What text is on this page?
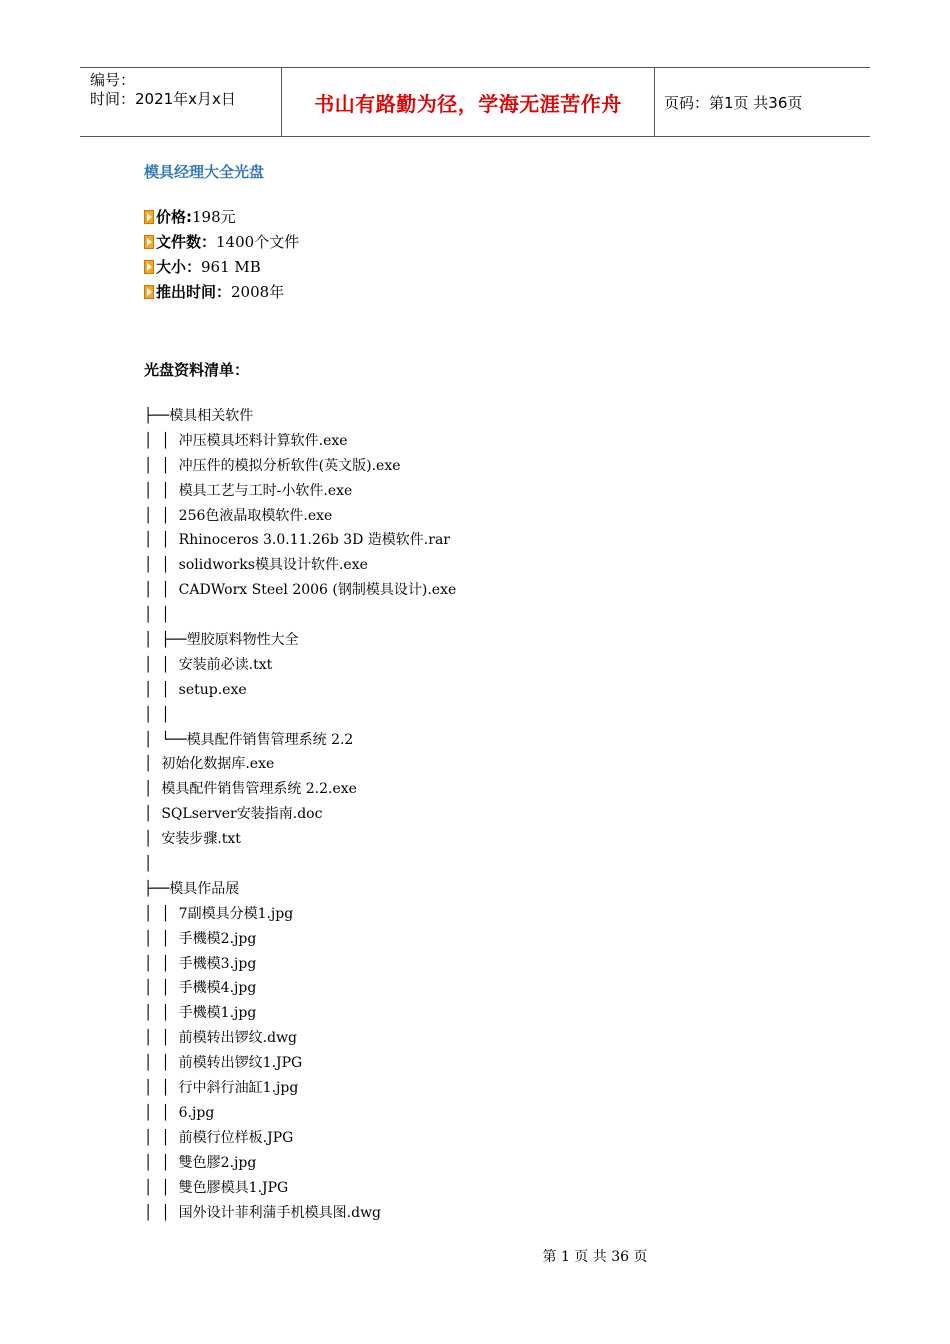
编号：
时间：2021年x月x日	书山有路勤为径，学海无涯苦作舟	页码：第1页 共36页
模具经理大全光盘
价格: 198元
文件数： 1400个文件
大小： 961 MB
推出时间： 2008年
光盘资料清单：
├──模具相关软件
│  │  冲压模具坯料计算软件.exe
│  │  冲压件的模拟分析软件(英文版).exe
│  │  模具工艺与工时-小软件.exe
│  │  256色液晶取模软件.exe
│  │  Rhinoceros 3.0.11.26b 3D 造模软件.rar
│  │  solidworks模具设计软件.exe
│  │  CADWorx Steel 2006 (钢制模具设计).exe
│  │
│  ├──塑胶原料物性大全
│  │  安装前必读.txt
│  │  setup.exe
│  │
│  └──模具配件销售管理系统 2.2
│  初始化数据库.exe
│  模具配件销售管理系统 2.2.exe
│  SQLserver安装指南.doc
│  安装步骤.txt
│
├──模具作品展
│  │  7副模具分模1.jpg
│  │  手機模2.jpg
│  │  手機模3.jpg
│  │  手機模4.jpg
│  │  手機模1.jpg
│  │  前模转出锣纹.dwg
│  │  前模转出锣纹1.JPG
│  │  行中斜行油缸1.jpg
│  │  6.jpg
│  │  前模行位样板.JPG
│  │  雙色膠2.jpg
│  │  雙色膠模具1.JPG
│  │  国外设计菲利蒲手机模具图.dwg
第 1 页 共 36 页
